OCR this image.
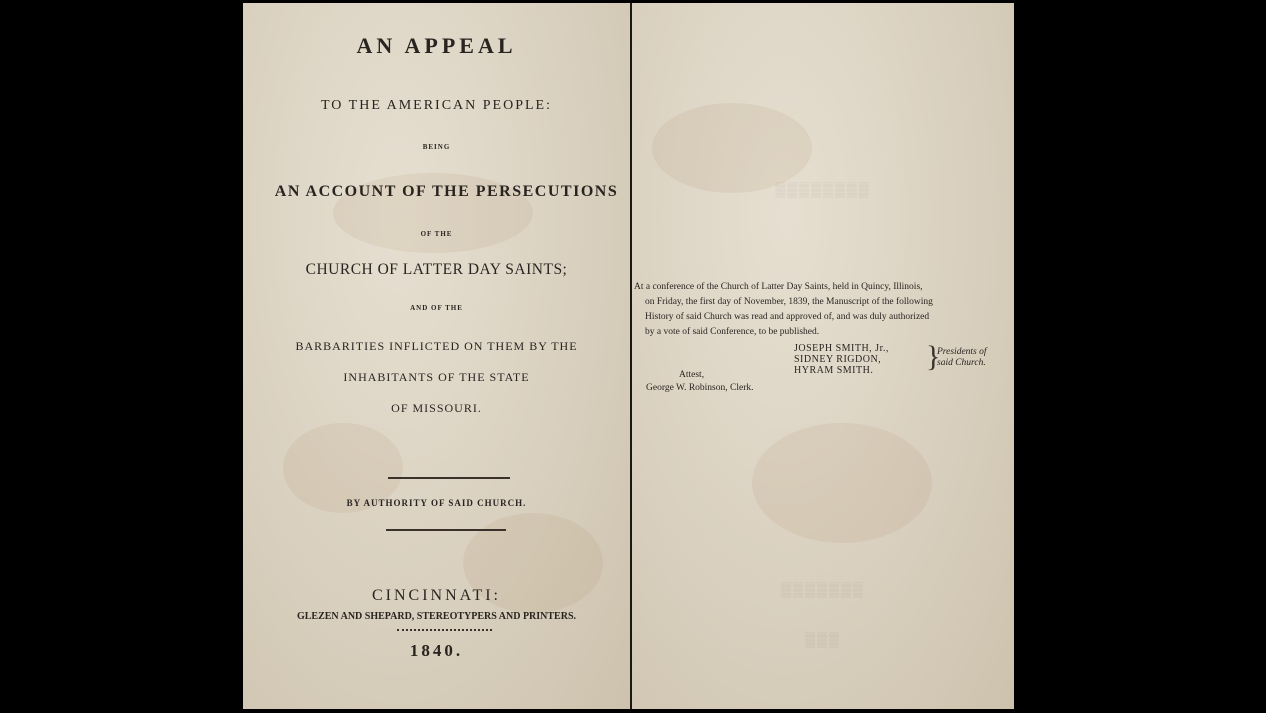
AN APPEAL
TO THE AMERICAN PEOPLE:
BEING
AN ACCOUNT OF THE PERSECUTIONS
OF THE
CHURCH OF LATTER DAY SAINTS;
AND OF THE
BARBARITIES INFLICTED ON THEM BY THE
INHABITANTS OF THE STATE
OF MISSOURI.
BY AUTHORITY OF SAID CHURCH.
CINCINNATI:
GLEZEN AND SHEPARD, STEREOTYPERS AND PRINTERS.
1840.
▒▒▒▒▒▒▒▒
▒▒▒▒▒▒▒
▒▒▒
At a conference of the Church of Latter Day Saints, held in Quincy, Illinois,
on Friday, the first day of November, 1839, the Manuscript of the following
History of said Church was read and approved of, and was duly authorized
by a vote of said Conference, to be published.
JOSEPH SMITH, Jr.,
SIDNEY RIGDON,
HYRAM SMITH. }
Presidents of
said Church.
Attest,
George W. Robinson, Clerk.
